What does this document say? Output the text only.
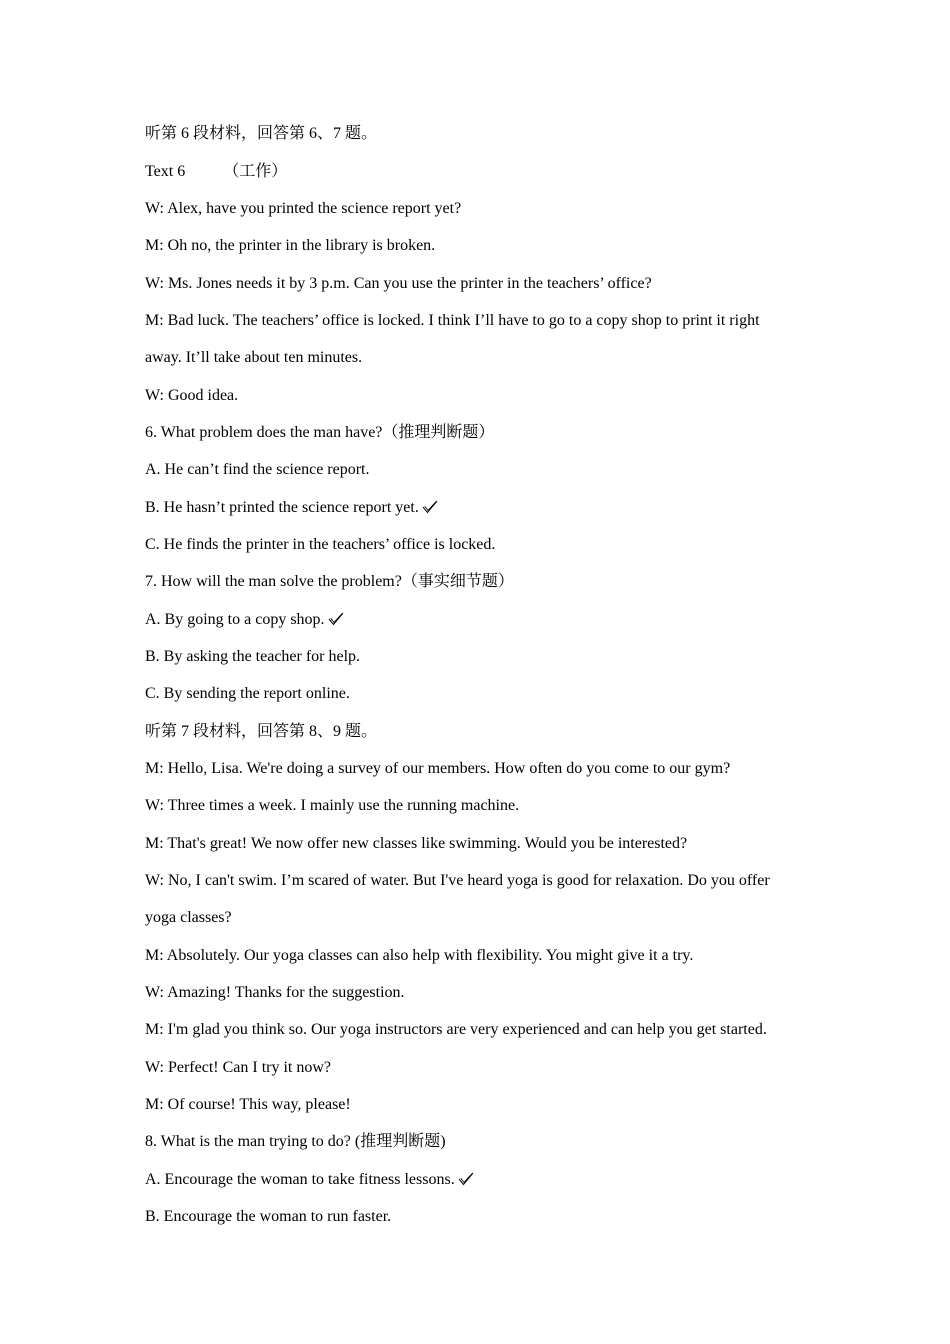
听第 6 段材料，回答第 6、7 题。
Text 6 （工作）
W: Alex, have you printed the science report yet?
M: Oh no, the printer in the library is broken.
W: Ms. Jones needs it by 3 p.m. Can you use the printer in the teachers’ office?
M: Bad luck. The teachers’ office is locked. I think I’ll have to go to a copy shop to print it right
away. It’ll take about ten minutes.
W: Good idea.
6. What problem does the man have?（推理判断题）
A. He can’t find the science report.
B. He hasn’t printed the science report yet.
C. He finds the printer in the teachers’ office is locked.
7. How will the man solve the problem?（事实细节题）
A. By going to a copy shop.
B. By asking the teacher for help.
C. By sending the report online.
听第 7 段材料，回答第 8、9 题。
M: Hello, Lisa. We're doing a survey of our members. How often do you come to our gym?
W: Three times a week. I mainly use the running machine.
M: That's great! We now offer new classes like swimming. Would you be interested?
W: No, I can't swim. I’m scared of water. But I've heard yoga is good for relaxation. Do you offer
yoga classes?
M: Absolutely. Our yoga classes can also help with flexibility. You might give it a try.
W: Amazing! Thanks for the suggestion.
M: I'm glad you think so. Our yoga instructors are very experienced and can help you get started.
W: Perfect! Can I try it now?
M: Of course! This way, please!
8. What is the man trying to do? (推理判断题)
A. Encourage the woman to take fitness lessons.
B. Encourage the woman to run faster.
